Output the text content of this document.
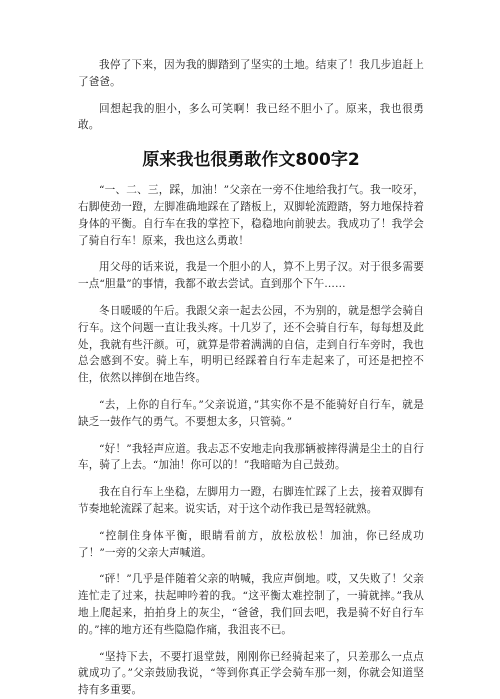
我停了下来，因为我的脚踏到了坚实的土地。结束了！我几步追赶上了爸爸。

回想起我的胆小，多么可笑啊！我已经不胆小了。原来，我也很勇敢。

原来我也很勇敢作文800字2

“一、二、三，踩，加油！”父亲在一旁不住地给我打气。我一咬牙，右脚使劲一蹬，左脚准确地踩在了踏板上，双脚轮流蹬踏，努力地保持着身体的平衡。自行车在我的掌控下，稳稳地向前驶去。我成功了！我学会了骑自行车！原来，我也这么勇敢！

用父母的话来说，我是一个胆小的人，算不上男子汉。对于很多需要一点“胆量”的事情，我都不敢去尝试。直到那个下午……

冬日暖暖的午后。我跟父亲一起去公园，不为别的，就是想学会骑自行车。这个问题一直让我头疼。十几岁了，还不会骑自行车，每每想及此处，我就有些汗颜。可，就算是带着满满的自信，走到自行车旁时，我也总会感到不安。骑上车，明明已经踩着自行车走起来了，可还是把控不住，依然以摔倒在地告终。

“去，上你的自行车。”父亲说道，”其实你不是不能骑好自行车，就是缺乏一鼓作气的勇气。不要想太多，只管骑。”

“好！”我轻声应道。我忐忑不安地走向我那辆被摔得满是尘土的自行车，骑了上去。“加油！你可以的！”我暗暗为自己鼓劲。

我在自行车上坐稳，左脚用力一蹬，右脚连忙踩了上去，接着双脚有节奏地轮流踩了起来。说实话，对于这个动作我已是驾轻就熟。

“控制住身体平衡，眼睛看前方，放松放松！加油，你已经成功了！”一旁的父亲大声喊道。

“砰！”几乎是伴随着父亲的呐喊，我应声倒地。哎，又失败了！父亲连忙走了过来，扶起呻吟着的我。“这平衡太难控制了，一骑就摔。”我从地上爬起来，拍拍身上的灰尘，“爸爸，我们回去吧，我是骑不好自行车的。”摔的地方还有些隐隐作痛，我沮丧不已。

“坚持下去，不要打退堂鼓，刚刚你已经骑起来了，只差那么一点点就成功了。”父亲鼓励我说，“等到你真正学会骑车那一刻，你就会知道坚持有多重要。
